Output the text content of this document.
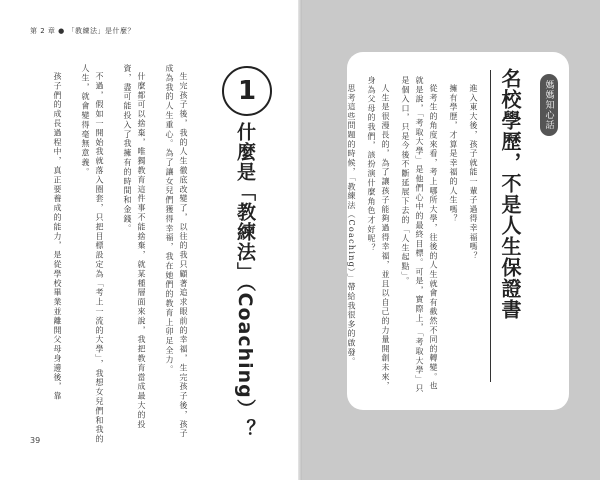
第 2 章 ● 「教練法」是什麼？
1
什麼是「教練法」（Coaching）？

生完孩子後，我的人生徹底改變了，以往的我只顧著追求眼前的幸福，生完孩子後，孩子成為我的人生重心。為了讓女兒們獲得幸福，我在她們的教育上卯足全力。

什麼都可以捨棄，唯獨教育這件事不能捨棄，就某種層面來說，我把教育當成最大的投資，盡可能投入了我擁有的時間和金錢。

不過，假如一開始我就落入圈套，只把目標設定為「考上一流的大學」，我想女兒們和我的人生，就會變得毫無意義。

孩子們的成長過程中，真正要養成的能力，是從學校畢業並離開父母身邊後，靠

39
媽媽知心話
名校學歷，不是人生保證書

進入東大後，孩子就能一輩子過得幸福嗎？

擁有學歷，才算是幸福的人生嗎？

從考生的角度來看，考上哪所大學，往後的人生就會有截然不同的轉變。也就是說，「考取大學」是他們心中的最終目標。可是，實際上，「考取大學」只是個入口，只是今後不斷延展下去的「人生起點」。

人生是很漫長的，為了讓孩子能夠過得幸福，並且以自己的力量開創未來，身為父母的我們，該扮演什麼角色才好呢？

思考這些問題的時候，「教練法（Coaching）」帶給我很多的啟發。
